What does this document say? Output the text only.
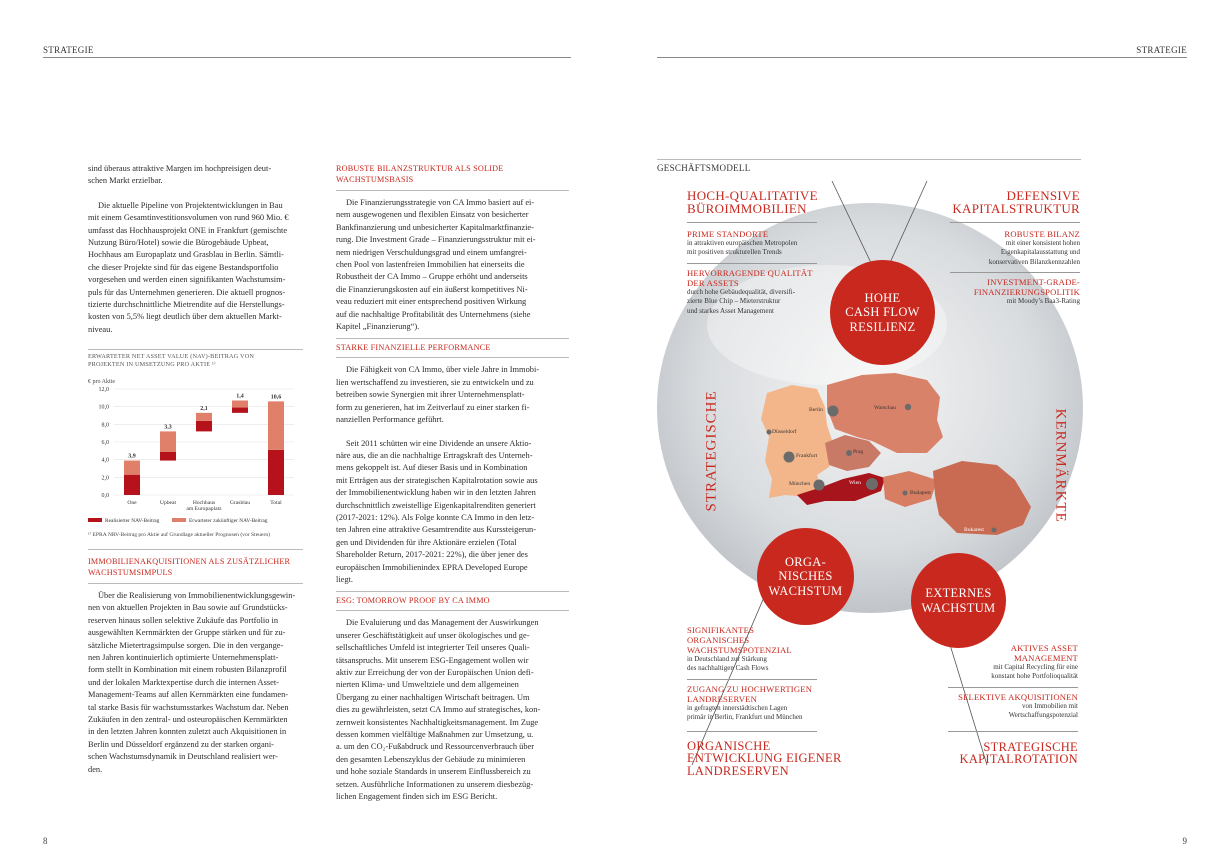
STRATEGIE
sind überaus attraktive Margen im hochpreisigen deut-
schen Markt erzielbar.
Die aktuelle Pipeline von Projektentwicklungen in Bau
mit einem Gesamtinvestitionsvolumen von rund 960 Mio. €
umfasst das Hochhausprojekt ONE in Frankfurt (gemischte
Nutzung Büro/Hotel) sowie die Bürogebäude Upbeat,
Hochhaus am Europaplatz und Grasblau in Berlin. Sämtli-
che dieser Projekte sind für das eigene Bestandsportfolio
vorgesehen und werden einen signifikanten Wachstumsim-
puls für das Unternehmen generieren. Die aktuell prognos-
tizierte durchschnittliche Mietrendite auf die Herstellungs-
kosten von 5,5% liegt deutlich über dem aktuellen Markt-
niveau.
ERWARTETER NET ASSET VALUE (NAV)-BEITRAG VON
PROJEKTEN IN UMSETZUNG PRO AKTIE ¹⁾
€ pro Aktie
0,0
2,0
4,0
6,0
8,0
10,0
12,0
3,9
One
3,3
Upbeat
2,1
Hochhaus
am Europaplatz
1,4
Grasblau
10,6
Total
Realisierter NAV-Beitrag	Erwarteter zukünftiger NAV-Beitrag
¹⁾ EPRA NRV-Beitrag pro Aktie auf Grundlage aktueller Prognosen (vor Steuern)
IMMOBILIENAKQUISITIONEN ALS ZUSÄTZLICHER
WACHSTUMSIMPULS
Über die Realisierung von Immobilienentwicklungsgewin-
nen von aktuellen Projekten in Bau sowie auf Grundstücks-
reserven hinaus sollen selektive Zukäufe das Portfolio in
ausgewählten Kernmärkten der Gruppe stärken und für zu-
sätzliche Mietertragsimpulse sorgen. Die in den vergange-
nen Jahren kontinuierlich optimierte Unternehmensplatt-
form stellt in Kombination mit einem robusten Bilanzprofil
und der lokalen Marktexpertise durch die internen Asset-
Management-Teams auf allen Kernmärkten eine fundamen-
tal starke Basis für wachstumsstarkes Wachstum dar. Neben
Zukäufen in den zentral- und osteuropäischen Kernmärkten
in den letzten Jahren konnten zuletzt auch Akquisitionen in
Berlin und Düsseldorf ergänzend zu der starken organi-
schen Wachstumsdynamik in Deutschland realisiert wer-
den.
ROBUSTE BILANZSTRUKTUR ALS SOLIDE
WACHSTUMSBASIS
Die Finanzierungsstrategie von CA Immo basiert auf ei-
nem ausgewogenen und flexiblen Einsatz von besicherter
Bankfinanzierung und unbesicherter Kapitalmarktfinanzie-
rung. Die Investment Grade – Finanzierungsstruktur mit ei-
nem niedrigen Verschuldungsgrad und einem umfangrei-
chen Pool von lastenfreien Immobilien hat einerseits die
Robustheit der CA Immo – Gruppe erhöht und anderseits
die Finanzierungskosten auf ein äußerst kompetitives Ni-
veau reduziert mit einer entsprechend positiven Wirkung
auf die nachhaltige Profitabilität des Unternehmens (siehe
Kapitel „Finanzierung“).
STARKE FINANZIELLE PERFORMANCE
Die Fähigkeit von CA Immo, über viele Jahre in Immobi-
lien wertschaffend zu investieren, sie zu entwickeln und zu
betreiben sowie Synergien mit ihrer Unternehmensplatt-
form zu generieren, hat im Zeitverlauf zu einer starken fi-
nanziellen Performance geführt.
Seit 2011 schütten wir eine Dividende an unsere Aktio-
näre aus, die an die nachhaltige Ertragskraft des Unterneh-
mens gekoppelt ist. Auf dieser Basis und in Kombination
mit Erträgen aus der strategischen Kapitalrotation sowie aus
der Immobilienentwicklung haben wir in den letzten Jahren
durchschnittlich zweistellige Eigenkapitalrenditen generiert
(2017-2021: 12%). Als Folge konnte CA Immo in den letz-
ten Jahren eine attraktive Gesamtrendite aus Kurssteigerun-
gen und Dividenden für ihre Aktionäre erzielen (Total
Shareholder Return, 2017-2021: 22%), die über jener des
europäischen Immobilienindex EPRA Developed Europe
liegt.
ESG: TOMORROW PROOF BY CA IMMO
Die Evaluierung und das Management der Auswirkungen
unserer Geschäftstätigkeit auf unser ökologisches und ge-
sellschaftliches Umfeld ist integrierter Teil unseres Quali-
tätsanspruchs. Mit unserem ESG-Engagement wollen wir
aktiv zur Erreichung der von der Europäischen Union defi-
nierten Klima- und Umweltziele und dem allgemeinen
Übergang zu einer nachhaltigen Wirtschaft beitragen. Um
dies zu gewährleisten, setzt CA Immo auf strategisches, kon-
zernweit konsistentes Nachhaltigkeitsmanagement. Im Zuge
dessen kommen vielfältige Maßnahmen zur Umsetzung, u.
a. um den CO₂-Fußabdruck und Ressourcenverbrauch über
den gesamten Lebenszyklus der Gebäude zu minimieren
und hohe soziale Standards in unserem Einflussbereich zu
setzen. Ausführliche Informationen zu unserem diesbezüg-
lichen Engagement finden sich im ESG Bericht.
8
STRATEGIE
GESCHÄFTSMODELL
Berlin	Warschau
Düsseldorf
Frankfurt
Prag
München	Wien
Budapest
Bukarest
STRATEGISCHE	KERNMÄRKTE
HOHE
CASH FLOW
RESILIENZ
ORGA-
NISCHES
WACHSTUM	EXTERNES
WACHSTUM
HOCH-QUALITATIVE
BÜROIMMOBILIEN
PRIME STANDORTE
in attraktiven europäischen Metropolen
mit positiven strukturellen Trends
HERVORRAGENDE QUALITÄT
DER ASSETS
durch hohe Gebäudequalität, diversifi-
zierte Blue Chip – Mieterstruktur
und starkes Asset Management
DEFENSIVE
KAPITALSTRUKTUR
ROBUSTE BILANZ
mit einer konsistent hohen
Eigenkapitalausstattung und
konservativen Bilanzkennzahlen
INVESTMENT-GRADE-
FINANZIERUNGSPOLITIK
mit Moody’s Baa3-Rating
SIGNIFIKANTES
ORGANISCHES
WACHSTUMSPOTENZIAL
in Deutschland zur Stärkung
des nachhaltigen Cash Flows
ZUGANG ZU HOCHWERTIGEN
LANDRESERVEN
in gefragten innerstädtischen Lagen
primär in Berlin, Frankfurt und München
ORGANISCHE
ENTWICKLUNG EIGENER
LANDRESERVEN
AKTIVES ASSET
MANAGEMENT
mit Capital Recycling für eine
konstant hohe Portfolioqualität
SELEKTIVE AKQUISITIONEN
von Immobilien mit
Wertschaffungspotenzial
STRATEGISCHE
KAPITALROTATION
9
